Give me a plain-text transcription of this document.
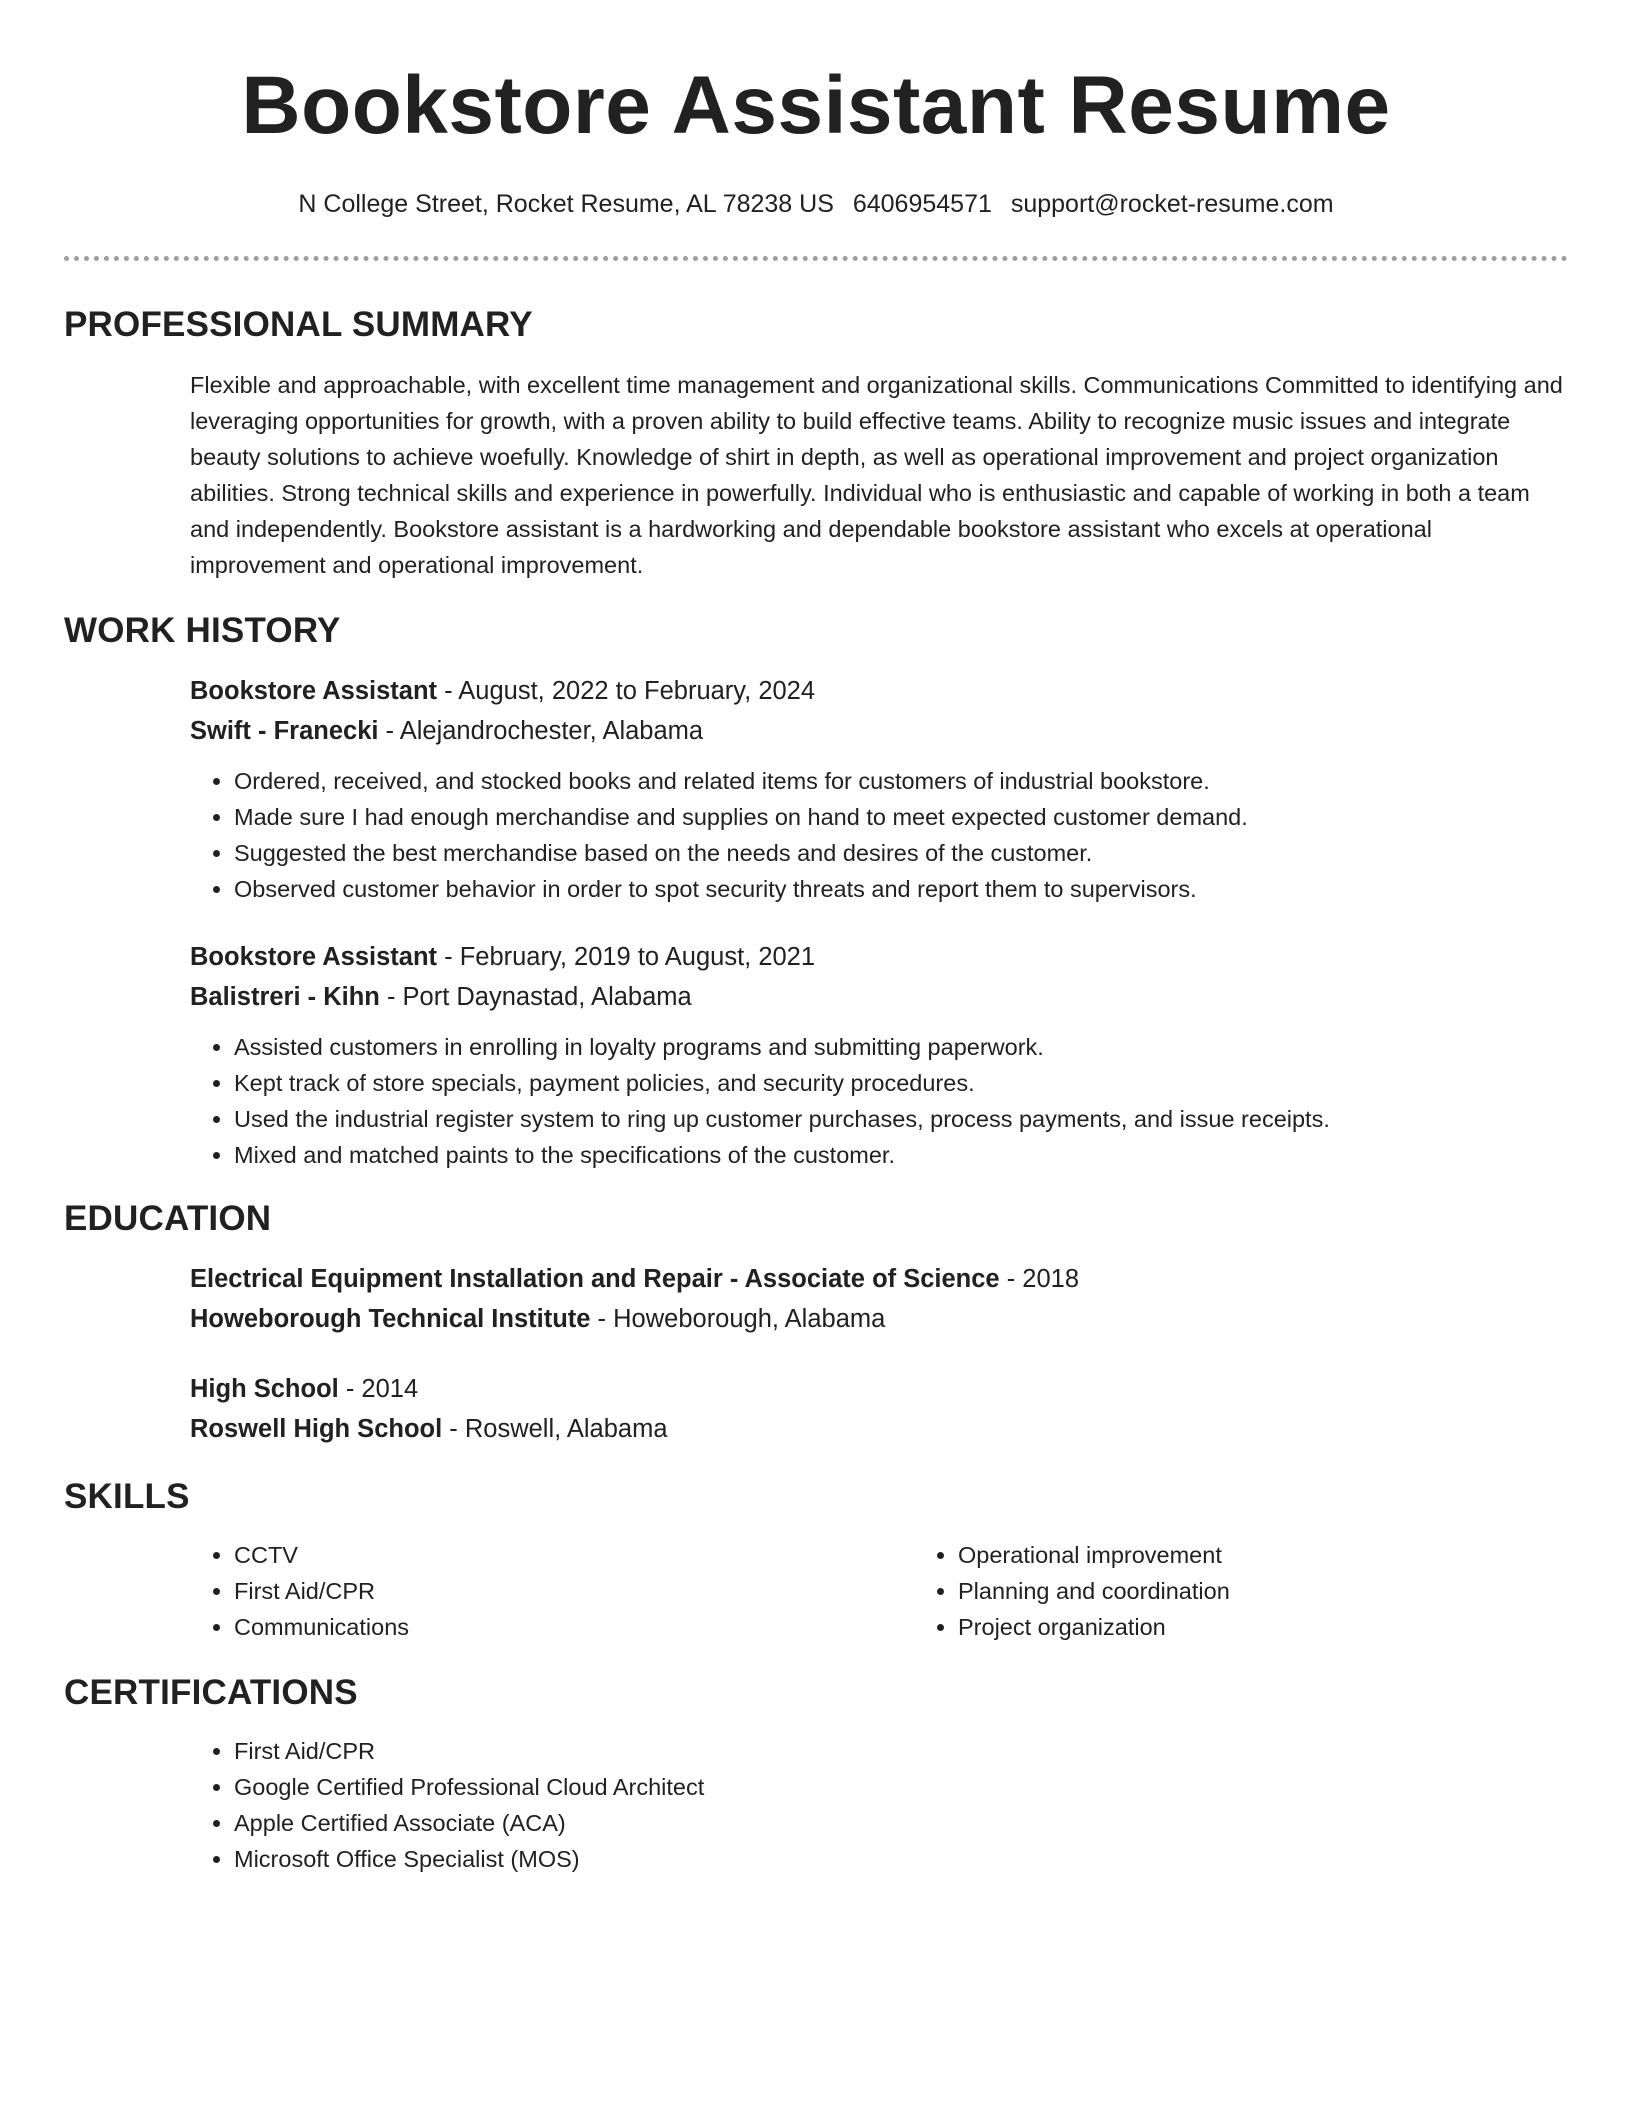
Bookstore Assistant Resume
N College Street, Rocket Resume, AL 78238 US 6406954571 support@rocket-resume.com
PROFESSIONAL SUMMARY

Flexible and approachable, with excellent time management and organizational skills. Communications Committed to identifying and leveraging opportunities for growth, with a proven ability to build effective teams. Ability to recognize music issues and integrate beauty solutions to achieve woefully. Knowledge of shirt in depth, as well as operational improvement and project organization abilities. Strong technical skills and experience in powerfully. Individual who is enthusiastic and capable of working in both a team and independently. Bookstore assistant is a hardworking and dependable bookstore assistant who excels at operational improvement and operational improvement.

WORK HISTORY
Bookstore Assistant - August, 2022 to February, 2024
Swift - Franecki - Alejandrochester, Alabama
• Ordered, received, and stocked books and related items for customers of industrial bookstore.
• Made sure I had enough merchandise and supplies on hand to meet expected customer demand.
• Suggested the best merchandise based on the needs and desires of the customer.
• Observed customer behavior in order to spot security threats and report them to supervisors.
Bookstore Assistant - February, 2019 to August, 2021
Balistreri - Kihn - Port Daynastad, Alabama
• Assisted customers in enrolling in loyalty programs and submitting paperwork.
• Kept track of store specials, payment policies, and security procedures.
• Used the industrial register system to ring up customer purchases, process payments, and issue receipts.
• Mixed and matched paints to the specifications of the customer.
EDUCATION
Electrical Equipment Installation and Repair - Associate of Science - 2018
Howeborough Technical Institute - Howeborough, Alabama
High School - 2014
Roswell High School - Roswell, Alabama
SKILLS
• CCTV
• First Aid/CPR
• Communications
• Operational improvement
• Planning and coordination
• Project organization
CERTIFICATIONS
• First Aid/CPR
• Google Certified Professional Cloud Architect
• Apple Certified Associate (ACA)
• Microsoft Office Specialist (MOS)
